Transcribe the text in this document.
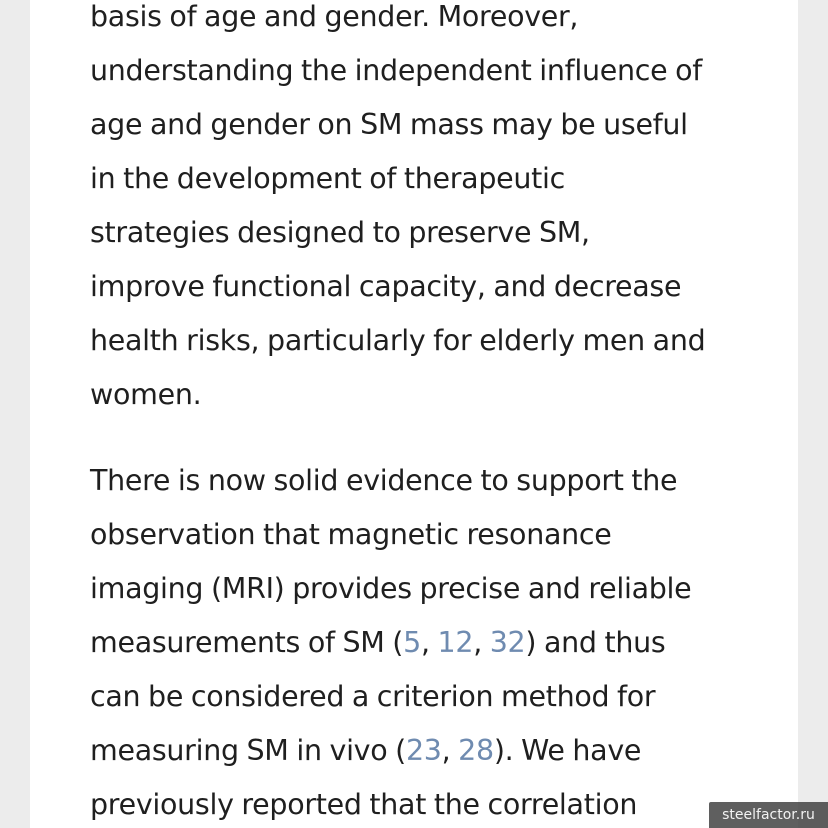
basis of age and gender. Moreover,
understanding the independent influence of
age and gender on SM mass may be useful
in the development of therapeutic
strategies designed to preserve SM,
improve functional capacity, and decrease
health risks, particularly for elderly men and
women.

There is now solid evidence to support the
observation that magnetic resonance
imaging (MRI) provides precise and reliable
measurements of SM (5, 12, 32) and thus
can be considered a criterion method for
measuring SM in vivo (23, 28). We have
previously reported that the correlation	steelfactor.ru
